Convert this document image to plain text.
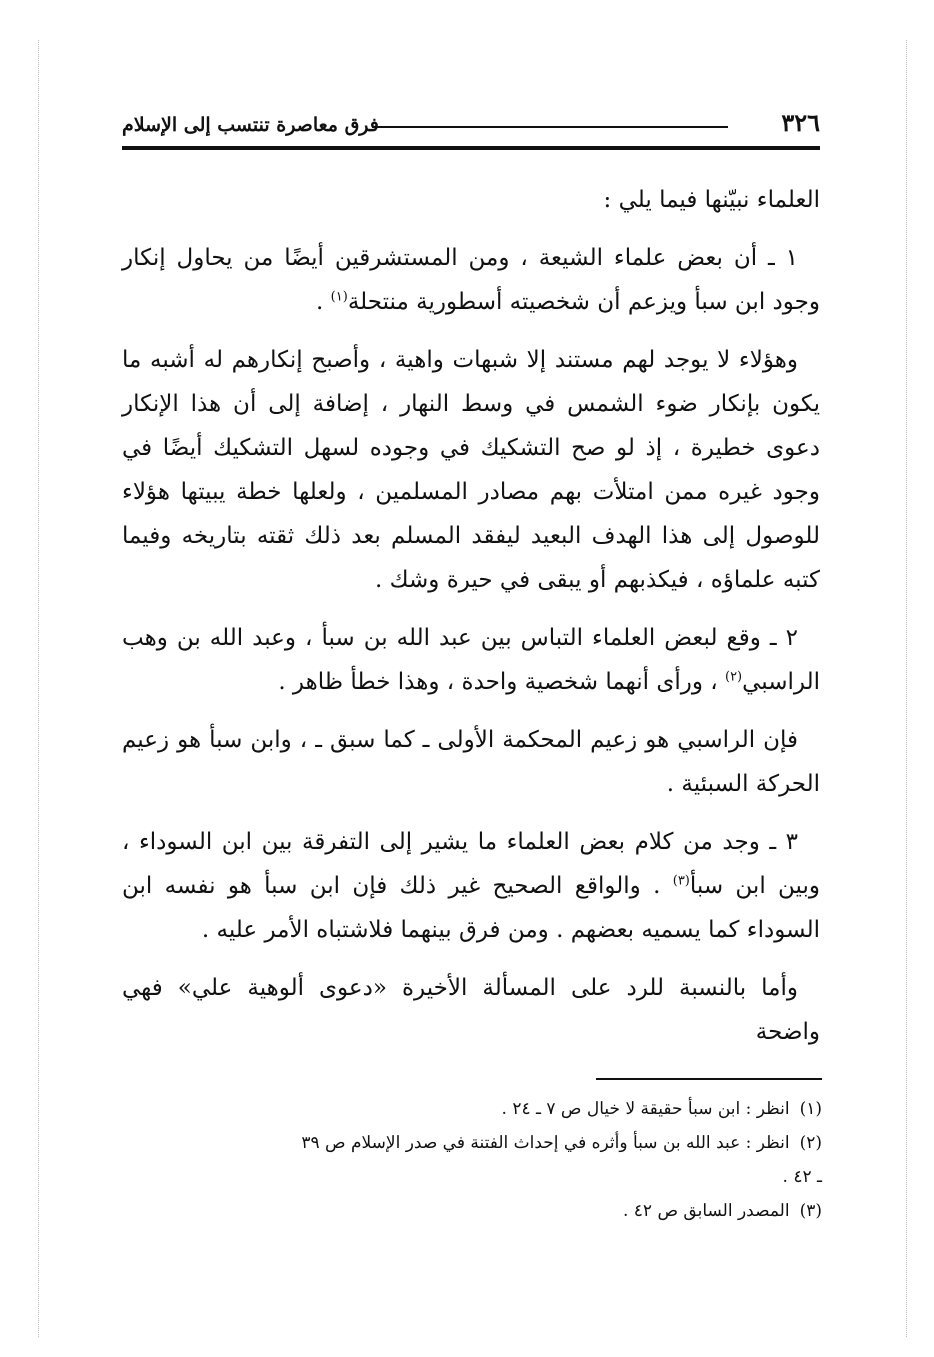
٣٢٦
فرق معاصرة تنتسب إلى الإسلام

العلماء نبيّنها فيما يلي :

١ ـ أن بعض علماء الشيعة ، ومن المستشرقين أيضًا من يحاول إنكار وجود ابن سبأ ويزعم أن شخصيته أسطورية منتحلة$^{(١)}$ .

وهؤلاء لا يوجد لهم مستند إلا شبهات واهية ، وأصبح إنكارهم له أشبه ما يكون بإنكار ضوء الشمس في وسط النهار ، إضافة إلى أن هذا الإنكار دعوى خطيرة ، إذ لو صح التشكيك في وجوده لسهل التشكيك أيضًا في وجود غيره ممن امتلأت بهم مصادر المسلمين ، ولعلها خطة يبيتها هؤلاء للوصول إلى هذا الهدف البعيد ليفقد المسلم بعد ذلك ثقته بتاريخه وفيما كتبه علماؤه ، فيكذبهم أو يبقى في حيرة وشك .

٢ ـ وقع لبعض العلماء التباس بين عبد الله بن سبأ ، وعبد الله بن وهب الراسبي$^{(٢)}$ ، ورأى أنهما شخصية واحدة ، وهذا خطأ ظاهر .

فإن الراسبي هو زعيم المحكمة الأولى ـ كما سبق ـ ، وابن سبأ هو زعيم الحركة السبئية .

٣ ـ وجد من كلام بعض العلماء ما يشير إلى التفرقة بين ابن السوداء ، وبين ابن سبأ$^{(٣)}$ . والواقع الصحيح غير ذلك فإن ابن سبأ هو نفسه ابن السوداء كما يسميه بعضهم . ومن فرق بينهما فلاشتباه الأمر عليه .

وأما بالنسبة للرد على المسألة الأخيرة «دعوى ألوهية علي» فهي واضحة

(١)انظر : ابن سبأ حقيقة لا خيال ص ٧ ـ ٢٤ .

(٢)انظر : عبد الله بن سبأ وأثره في إحداث الفتنة في صدر الإسلام ص ٣٩ ـ ٤٢ .

(٣)المصدر السابق ص ٤٢ .
